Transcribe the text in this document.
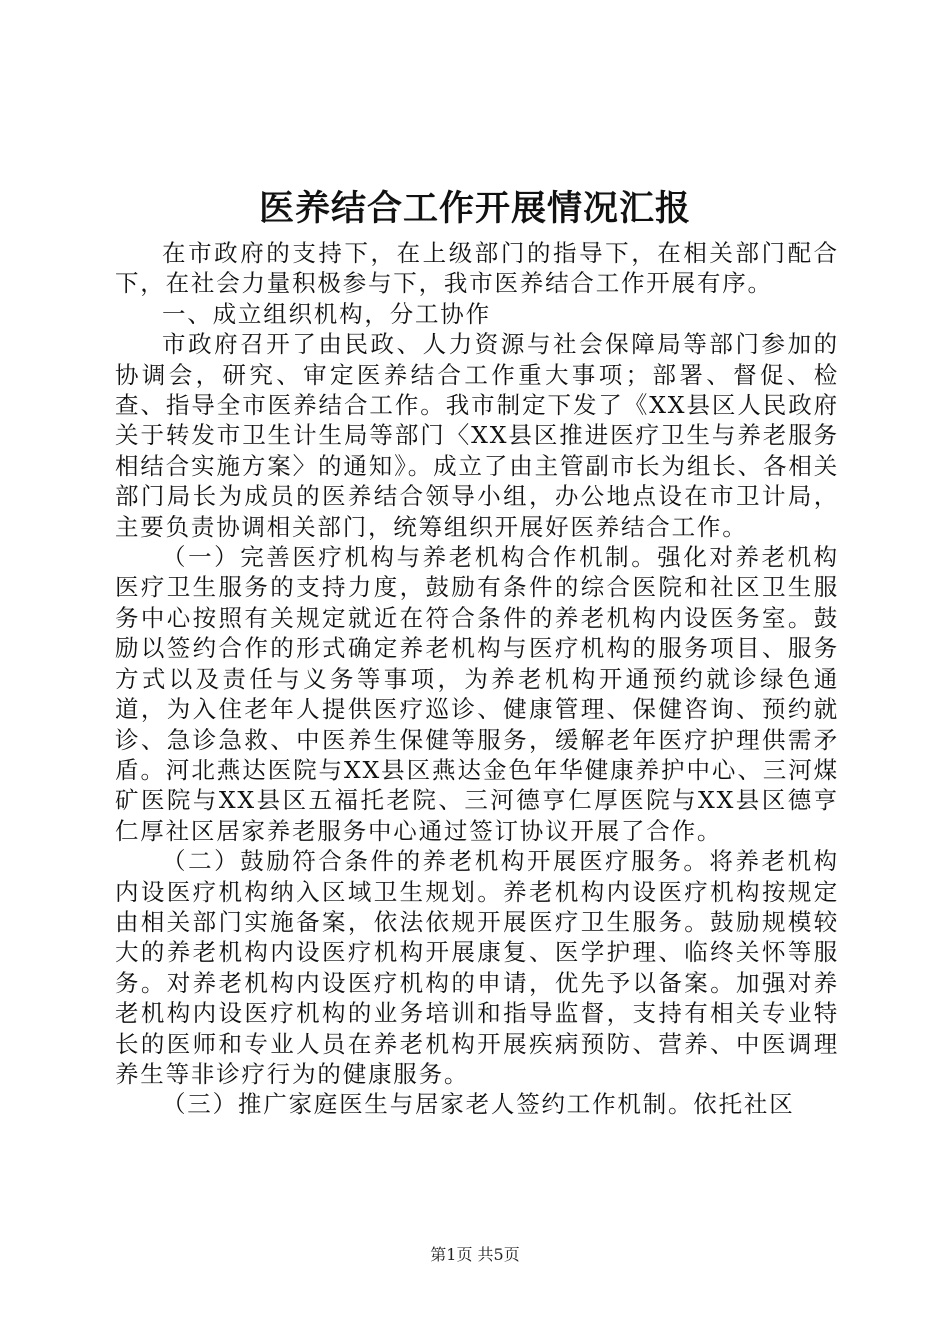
医养结合工作开展情况汇报

在市政府的支持下，在上级部门的指导下，在相关部门配合下，在社会力量积极参与下，我市医养结合工作开展有序。

一、成立组织机构，分工协作

市政府召开了由民政、人力资源与社会保障局等部门参加的协调会，研究、审定医养结合工作重大事项；部署、督促、检查、指导全市医养结合工作。我市制定下发了《XX县区人民政府关于转发市卫生计生局等部门〈XX县区推进医疗卫生与养老服务相结合实施方案〉的通知》。成立了由主管副市长为组长、各相关部门局长为成员的医养结合领导小组，办公地点设在市卫计局，主要负责协调相关部门，统筹组织开展好医养结合工作。

（一）完善医疗机构与养老机构合作机制。强化对养老机构医疗卫生服务的支持力度，鼓励有条件的综合医院和社区卫生服务中心按照有关规定就近在符合条件的养老机构内设医务室。鼓励以签约合作的形式确定养老机构与医疗机构的服务项目、服务方式以及责任与义务等事项，为养老机构开通预约就诊绿色通道，为入住老年人提供医疗巡诊、健康管理、保健咨询、预约就诊、急诊急救、中医养生保健等服务，缓解老年医疗护理供需矛盾。河北燕达医院与XX县区燕达金色年华健康养护中心、三河煤矿医院与XX县区五福托老院、三河德亨仁厚医院与XX县区德亨仁厚社区居家养老服务中心通过签订协议开展了合作。

（二）鼓励符合条件的养老机构开展医疗服务。将养老机构内设医疗机构纳入区域卫生规划。养老机构内设医疗机构按规定由相关部门实施备案，依法依规开展医疗卫生服务。鼓励规模较大的养老机构内设医疗机构开展康复、医学护理、临终关怀等服务。对养老机构内设医疗机构的申请，优先予以备案。加强对养老机构内设医疗机构的业务培训和指导监督，支持有相关专业特长的医师和专业人员在养老机构开展疾病预防、营养、中医调理养生等非诊疗行为的健康服务。

（三）推广家庭医生与居家老人签约工作机制。依托社区

第1页 共5页
